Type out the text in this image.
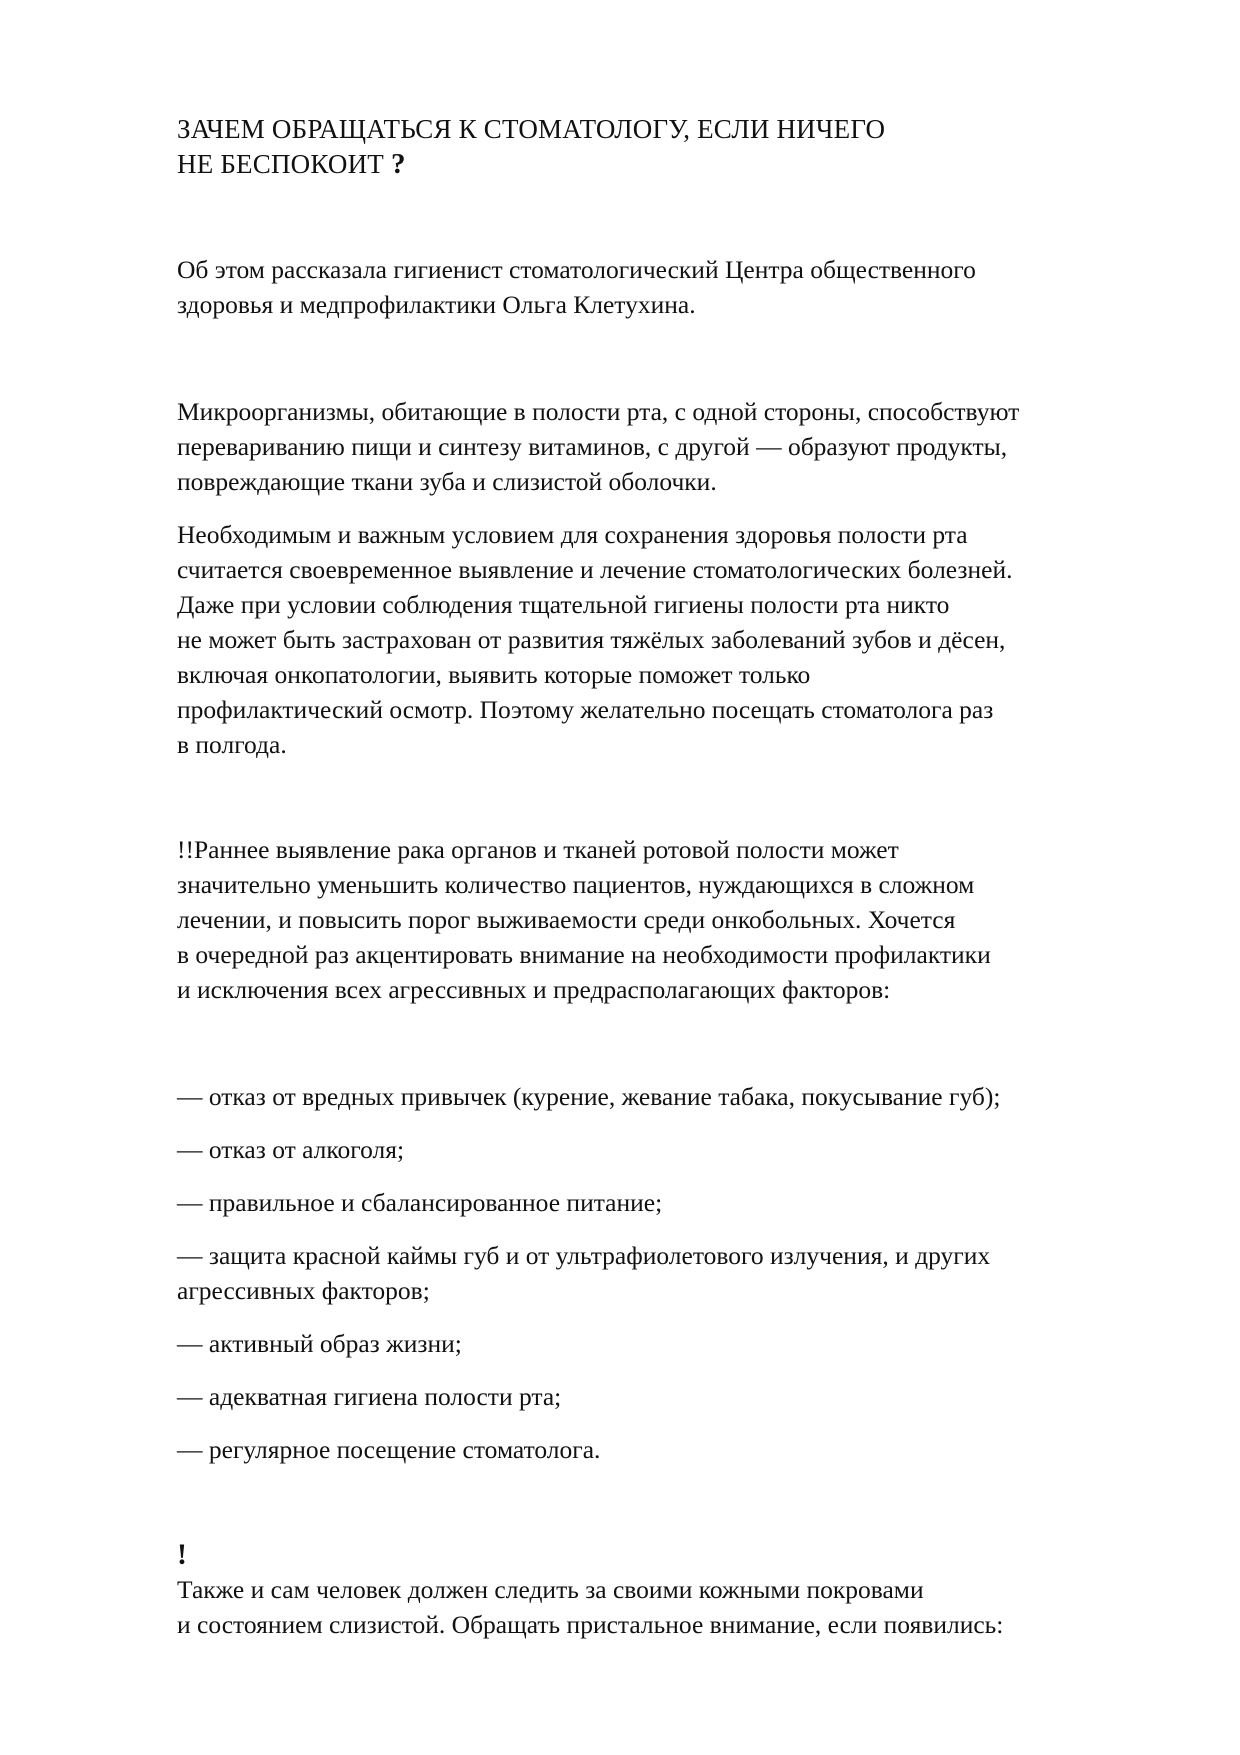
ЗАЧЕМ ОБРАЩАТЬСЯ К СТОМАТОЛОГУ, ЕСЛИ НИЧЕГО
НЕ БЕСПОКОИТ ?

Об этом рассказала гигиенист стоматологический Центра общественного
здоровья и медпрофилактики Ольга Клетухина.

Микроорганизмы, обитающие в полости рта, с одной стороны, способствуют
перевариванию пищи и синтезу витаминов, с другой — образуют продукты,
повреждающие ткани зуба и слизистой оболочки.

Необходимым и важным условием для сохранения здоровья полости рта
считается своевременное выявление и лечение стоматологических болезней.
Даже при условии соблюдения тщательной гигиены полости рта никто
не может быть застрахован от развития тяжёлых заболеваний зубов и дёсен,
включая онкопатологии, выявить которые поможет только
профилактический осмотр. Поэтому желательно посещать стоматолога раз
в полгода.

!!Раннее выявление рака органов и тканей ротовой полости может
значительно уменьшить количество пациентов, нуждающихся в сложном
лечении, и повысить порог выживаемости среди онкобольных. Хочется
в очередной раз акцентировать внимание на необходимости профилактики
и исключения всех агрессивных и предрасполагающих факторов:

— отказ от вредных привычек (курение, жевание табака, покусывание губ);

— отказ от алкоголя;

— правильное и сбалансированное питание;

— защита красной каймы губ и от ультрафиолетового излучения, и других
агрессивных факторов;

— активный образ жизни;

— адекватная гигиена полости рта;

— регулярное посещение стоматолога.

!
Также и сам человек должен следить за своими кожными покровами
и состоянием слизистой. Обращать пристальное внимание, если появились:
